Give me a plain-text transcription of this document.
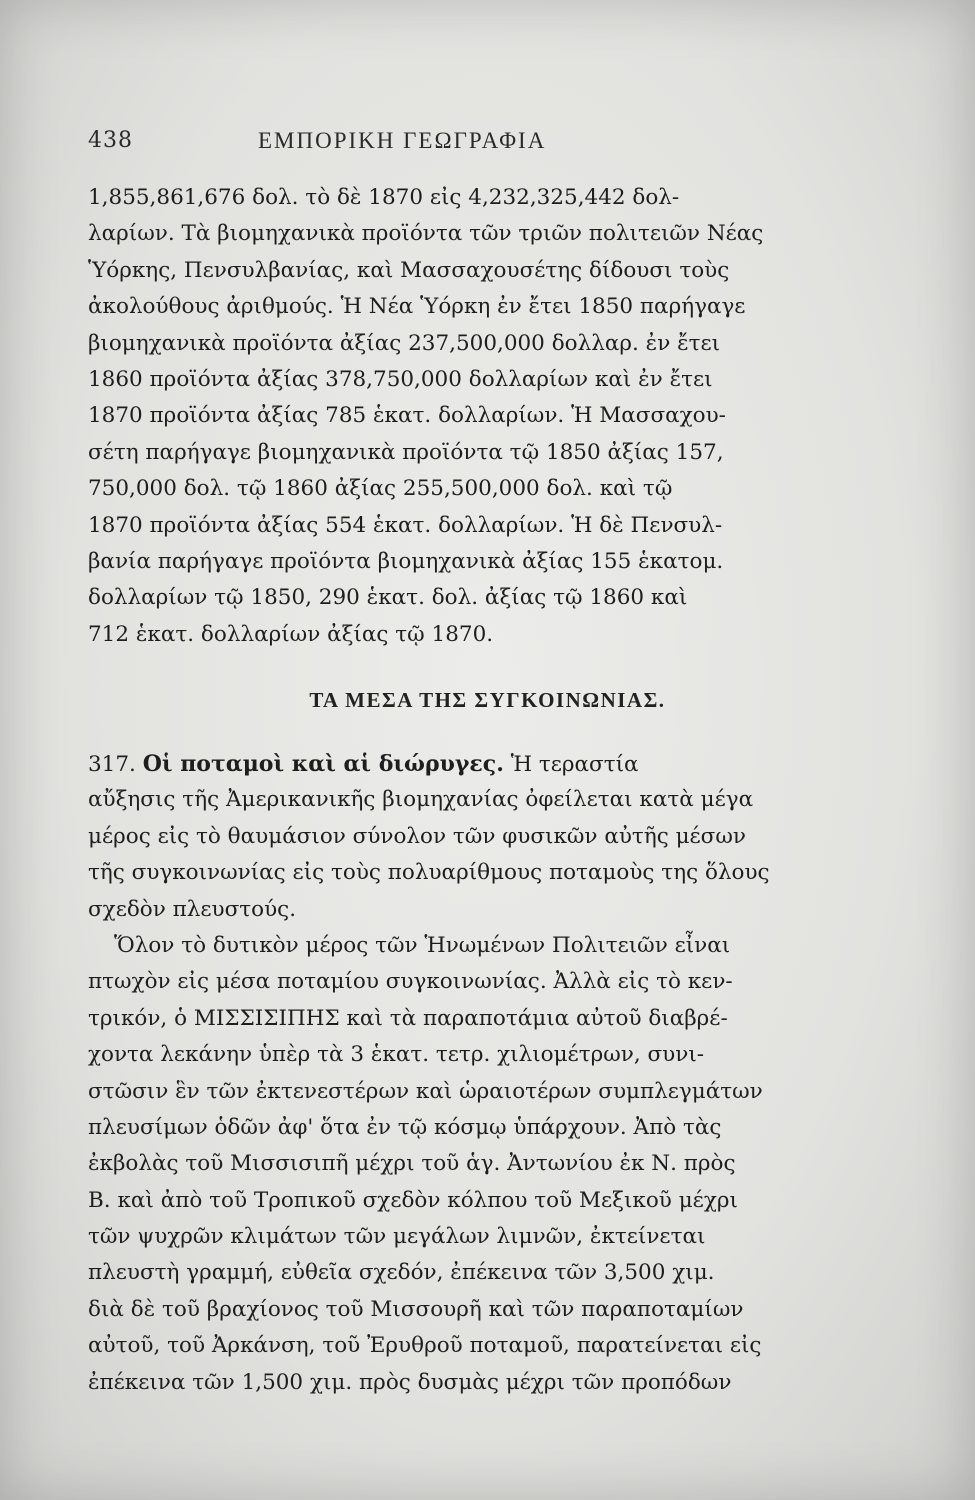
438	ΕΜΠΟΡΙΚΗ ΓΕΩΓΡΑΦΙΑ
1,855,861,676 δολ. τὸ δὲ 1870 εἰς 4,232,325,442 δολ-
λαρίων. Τὰ βιομηχανικὰ προϊόντα τῶν τριῶν πολιτειῶν Νέας
Ὑόρκης, Πενσυλβανίας, καὶ Μασσαχουσέτης δίδουσι τοὺς
ἀκολούθους ἀριθμούς. Ἡ Νέα Ὑόρκη ἐν ἔτει 1850 παρήγαγε
βιομηχανικὰ προϊόντα ἀξίας 237,500,000 δολλαρ. ἐν ἔτει
1860 προϊόντα ἀξίας 378,750,000 δολλαρίων καὶ ἐν ἔτει
1870 προϊόντα ἀξίας 785 ἑκατ. δολλαρίων. Ἡ Μασσαχου-
σέτη παρήγαγε βιομηχανικὰ προϊόντα τῷ 1850 ἀξίας 157,
750,000 δολ. τῷ 1860 ἀξίας 255,500,000 δολ. καὶ τῷ
1870 προϊόντα ἀξίας 554 ἑκατ. δολλαρίων. Ἡ δὲ Πενσυλ-
βανία παρήγαγε προϊόντα βιομηχανικὰ ἀξίας 155 ἑκατομ.
δολλαρίων τῷ 1850, 290 ἑκατ. δολ. ἀξίας τῷ 1860 καὶ
712 ἑκατ. δολλαρίων ἀξίας τῷ 1870.
ΤΑ ΜΕΣΑ ΤΗΣ ΣΥΓΚΟΙΝΩΝΙΑΣ.
317. Οἱ ποταμοὶ καὶ αἱ διώρυγες. Ἡ τεραστία
αὔξησις τῆς Ἀμερικανικῆς βιομηχανίας ὀφείλεται κατὰ μέγα
μέρος εἰς τὸ θαυμάσιον σύνολον τῶν φυσικῶν αὐτῆς μέσων
τῆς συγκοινωνίας εἰς τοὺς πολυαρίθμους ποταμοὺς της ὅλους
σχεδὸν πλευστούς.
Ὅλον τὸ δυτικὸν μέρος τῶν Ἡνωμένων Πολιτειῶν εἶναι
πτωχὸν εἰς μέσα ποταμίου συγκοινωνίας. Ἀλλὰ εἰς τὸ κεν-
τρικόν, ὁ ΜΙΣΣΙΣΙΠΗΣ καὶ τὰ παραποτάμια αὐτοῦ διαβρέ-
χοντα λεκάνην ὑπὲρ τὰ 3 ἑκατ. τετρ. χιλιομέτρων, συνι-
στῶσιν ἓν τῶν ἐκτενεστέρων καὶ ὡραιοτέρων συμπλεγμάτων
πλευσίμων ὁδῶν ἀφ' ὅτα ἐν τῷ κόσμῳ ὑπάρχουν. Ἀπὸ τὰς
ἐκβολὰς τοῦ Μισσισιπῆ μέχρι τοῦ ἁγ. Ἀντωνίου ἐκ Ν. πρὸς
Β. καὶ ἀπὸ τοῦ Τροπικοῦ σχεδὸν κόλπου τοῦ Μεξικοῦ μέχρι
τῶν ψυχρῶν κλιμάτων τῶν μεγάλων λιμνῶν, ἐκτείνεται
πλευστὴ γραμμή, εὐθεῖα σχεδόν, ἐπέκεινα τῶν 3,500 χιμ.
διὰ δὲ τοῦ βραχίονος τοῦ Μισσουρῆ καὶ τῶν παραποταμίων
αὐτοῦ, τοῦ Ἀρκάνση, τοῦ Ἐρυθροῦ ποταμοῦ, παρατείνεται εἰς
ἐπέκεινα τῶν 1,500 χιμ. πρὸς δυσμὰς μέχρι τῶν προπόδων
